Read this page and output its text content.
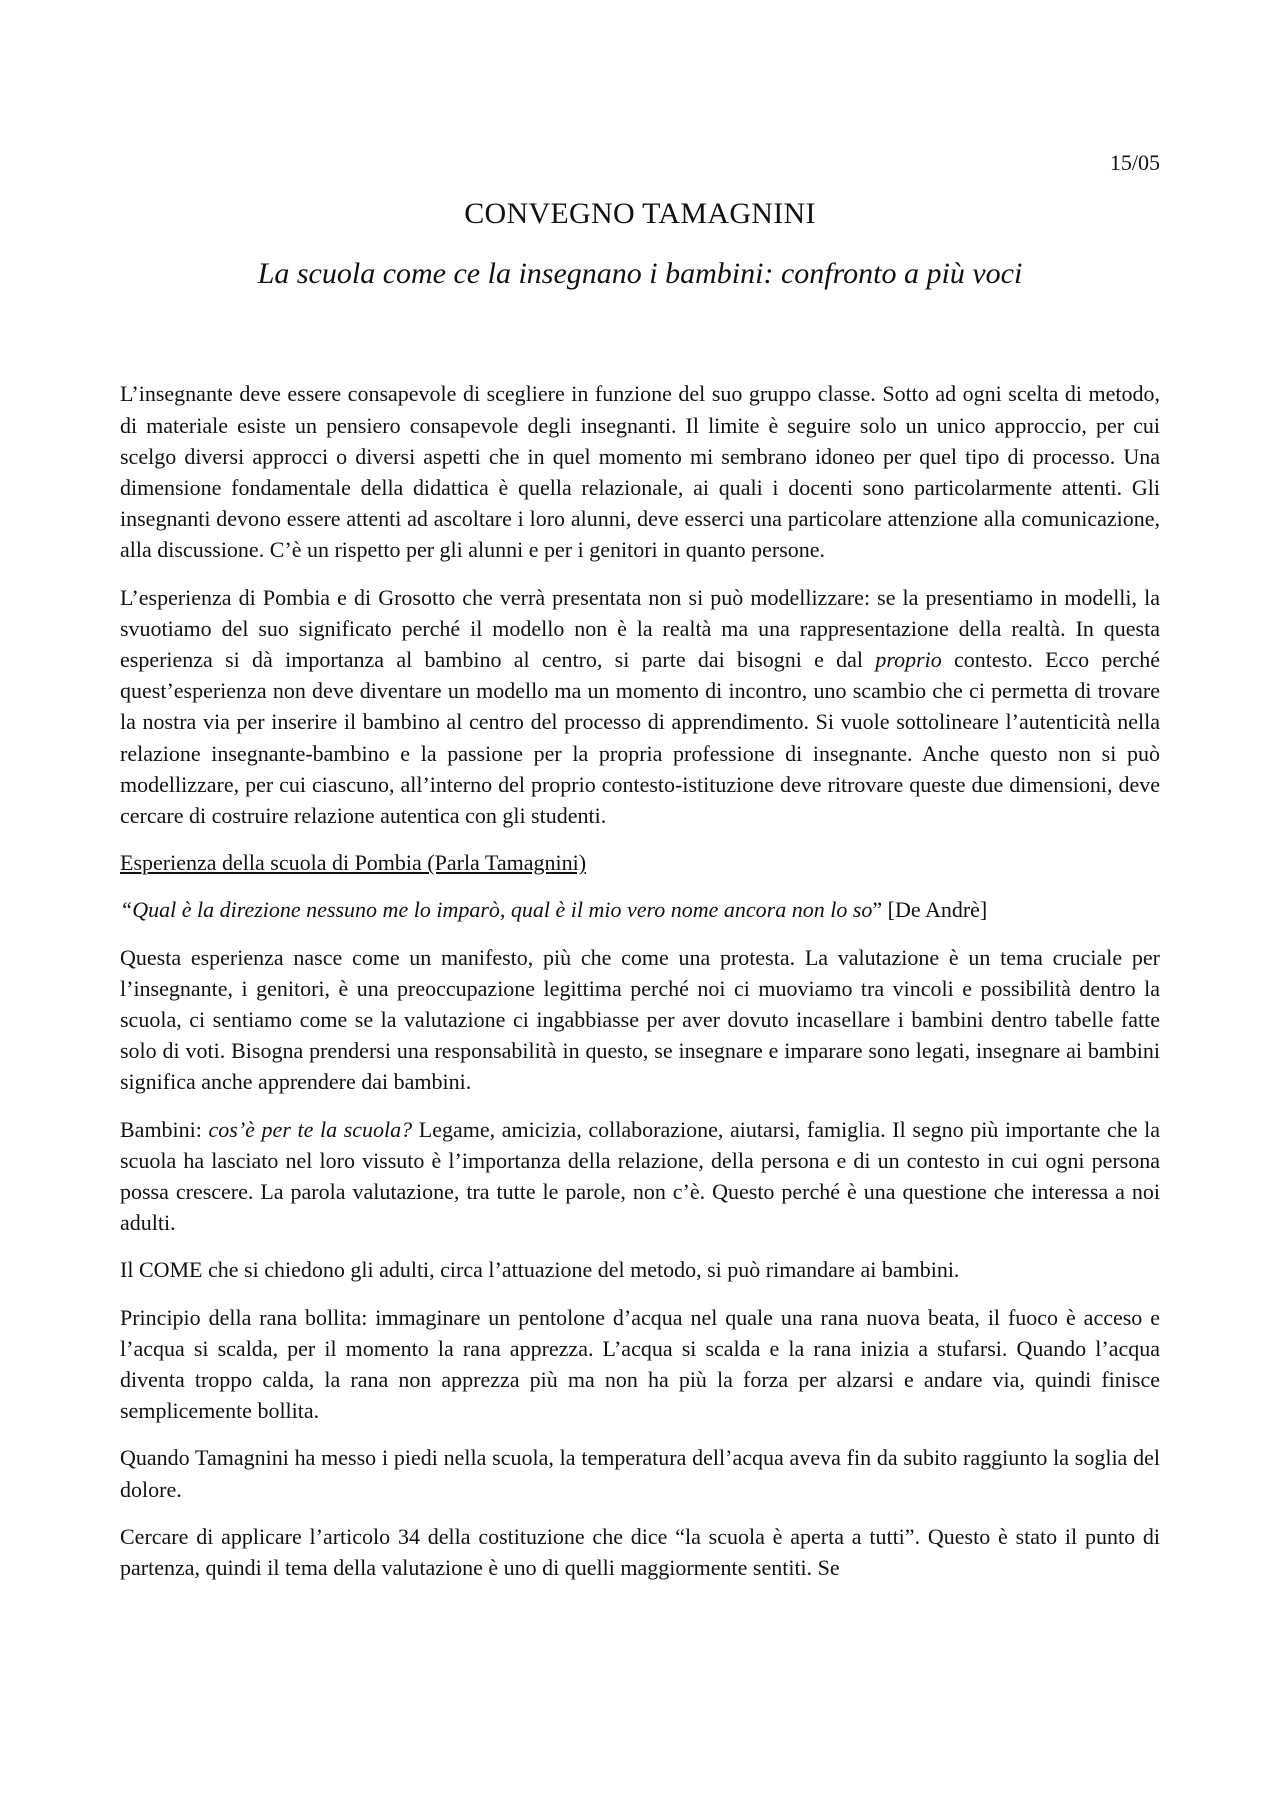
15/05

CONVEGNO TAMAGNINI
La scuola come ce la insegnano i bambini: confronto a più voci

L’insegnante deve essere consapevole di scegliere in funzione del suo gruppo classe. Sotto ad ogni scelta di metodo, di materiale esiste un pensiero consapevole degli insegnanti. Il limite è seguire solo un unico approccio, per cui scelgo diversi approcci o diversi aspetti che in quel momento mi sembrano idoneo per quel tipo di processo. Una dimensione fondamentale della didattica è quella relazionale, ai quali i docenti sono particolarmente attenti. Gli insegnanti devono essere attenti ad ascoltare i loro alunni, deve esserci una particolare attenzione alla comunicazione, alla discussione. C’è un rispetto per gli alunni e per i genitori in quanto persone.

L’esperienza di Pombia e di Grosotto che verrà presentata non si può modellizzare: se la presentiamo in modelli, la svuotiamo del suo significato perché il modello non è la realtà ma una rappresentazione della realtà. In questa esperienza si dà importanza al bambino al centro, si parte dai bisogni e dal proprio contesto. Ecco perché quest’esperienza non deve diventare un modello ma un momento di incontro, uno scambio che ci permetta di trovare la nostra via per inserire il bambino al centro del processo di apprendimento. Si vuole sottolineare l’autenticità nella relazione insegnante-bambino e la passione per la propria professione di insegnante. Anche questo non si può modellizzare, per cui ciascuno, all’interno del proprio contesto-istituzione deve ritrovare queste due dimensioni, deve cercare di costruire relazione autentica con gli studenti.

Esperienza della scuola di Pombia (Parla Tamagnini)

“Qual è la direzione nessuno me lo imparò, qual è il mio vero nome ancora non lo so” [De Andrè]

Questa esperienza nasce come un manifesto, più che come una protesta. La valutazione è un tema cruciale per l’insegnante, i genitori, è una preoccupazione legittima perché noi ci muoviamo tra vincoli e possibilità dentro la scuola, ci sentiamo come se la valutazione ci ingabbiasse per aver dovuto incasellare i bambini dentro tabelle fatte solo di voti. Bisogna prendersi una responsabilità in questo, se insegnare e imparare sono legati, insegnare ai bambini significa anche apprendere dai bambini.

Bambini: cos’è per te la scuola? Legame, amicizia, collaborazione, aiutarsi, famiglia. Il segno più importante che la scuola ha lasciato nel loro vissuto è l’importanza della relazione, della persona e di un contesto in cui ogni persona possa crescere. La parola valutazione, tra tutte le parole, non c’è. Questo perché è una questione che interessa a noi adulti.

Il COME che si chiedono gli adulti, circa l’attuazione del metodo, si può rimandare ai bambini.

Principio della rana bollita: immaginare un pentolone d’acqua nel quale una rana nuova beata, il fuoco è acceso e l’acqua si scalda, per il momento la rana apprezza. L’acqua si scalda e la rana inizia a stufarsi. Quando l’acqua diventa troppo calda, la rana non apprezza più ma non ha più la forza per alzarsi e andare via, quindi finisce semplicemente bollita.

Quando Tamagnini ha messo i piedi nella scuola, la temperatura dell’acqua aveva fin da subito raggiunto la soglia del dolore.

Cercare di applicare l’articolo 34 della costituzione che dice “la scuola è aperta a tutti”. Questo è stato il punto di partenza, quindi il tema della valutazione è uno di quelli maggiormente sentiti. Se
